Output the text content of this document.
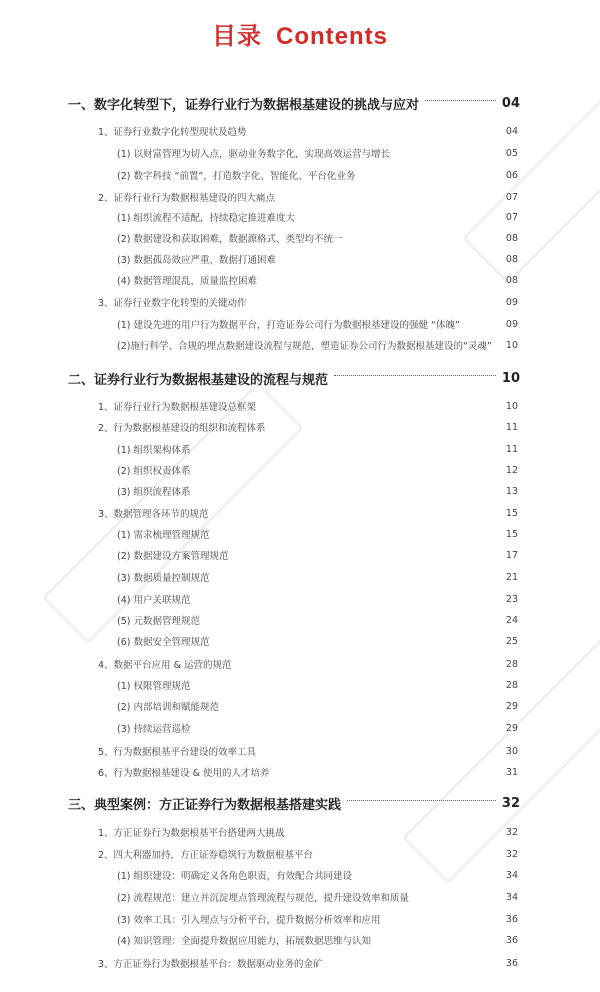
目录 Contents
一、数字化转型下，证券行业行为数据根基建设的挑战与应对	04
1、证券行业数字化转型现状及趋势	04
(1) 以财富管理为切入点，驱动业务数字化，实现高效运营与增长	05
(2) 数字科技 “前置”，打造数字化、智能化、平台化业务	06
2、证券行业行为数据根基建设的四大痛点	07
(1) 组织流程不适配，持续稳定推进难度大	07
(2) 数据建设和获取困难，数据源格式、类型均不统一	08
(3) 数据孤岛效应严重，数据打通困难	08
(4) 数据管理混乱，质量监控困难	08
3、证券行业数字化转型的关键动作	09
(1) 建设先进的用户行为数据平台，打造证券公司行为数据根基建设的强健 “体魄”	09
(2)施行科学、合规的埋点数据建设流程与规范，塑造证券公司行为数据根基建设的“灵魂” 10
二、证券行业行为数据根基建设的流程与规范	10
1、证券行业行为数据根基建设总框架	10
2、行为数据根基建设的组织和流程体系	11
(1) 组织架构体系	11
(2) 组织权责体系	12
(3) 组织流程体系	13
3、数据管理各环节的规范	15
(1) 需求梳理管理规范	15
(2) 数据建设方案管理规范	17
(3) 数据质量控制规范	21
(4) 用户关联规范	23
(5) 元数据管理规范	24
(6) 数据安全管理规范	25
4、数据平台应用 & 运营的规范	28
(1) 权限管理规范	28
(2) 内部培训和赋能规范	29
(3) 持续运营巡检	29
5、行为数据根基平台建设的效率工具	30
6、行为数据根基建设 & 使用的人才培养	31
三、典型案例：方正证券行为数据根基搭建实践	32
1、方正证券行为数据根基平台搭建两大挑战	32
2、四大利器加持，方正证券稳筑行为数据根基平台	32
(1) 组织建设：明确定义各角色职责，有效配合共同建设	34
(2) 流程规范：建立并沉淀埋点管理流程与规范，提升建设效率和质量	34
(3) 效率工具：引入埋点与分析平台，提升数据分析效率和应用	36
(4) 知识管理：全面提升数据应用能力，拓展数据思维与认知	36
3、方正证券行为数据根基平台：数据驱动业务的金矿	36
